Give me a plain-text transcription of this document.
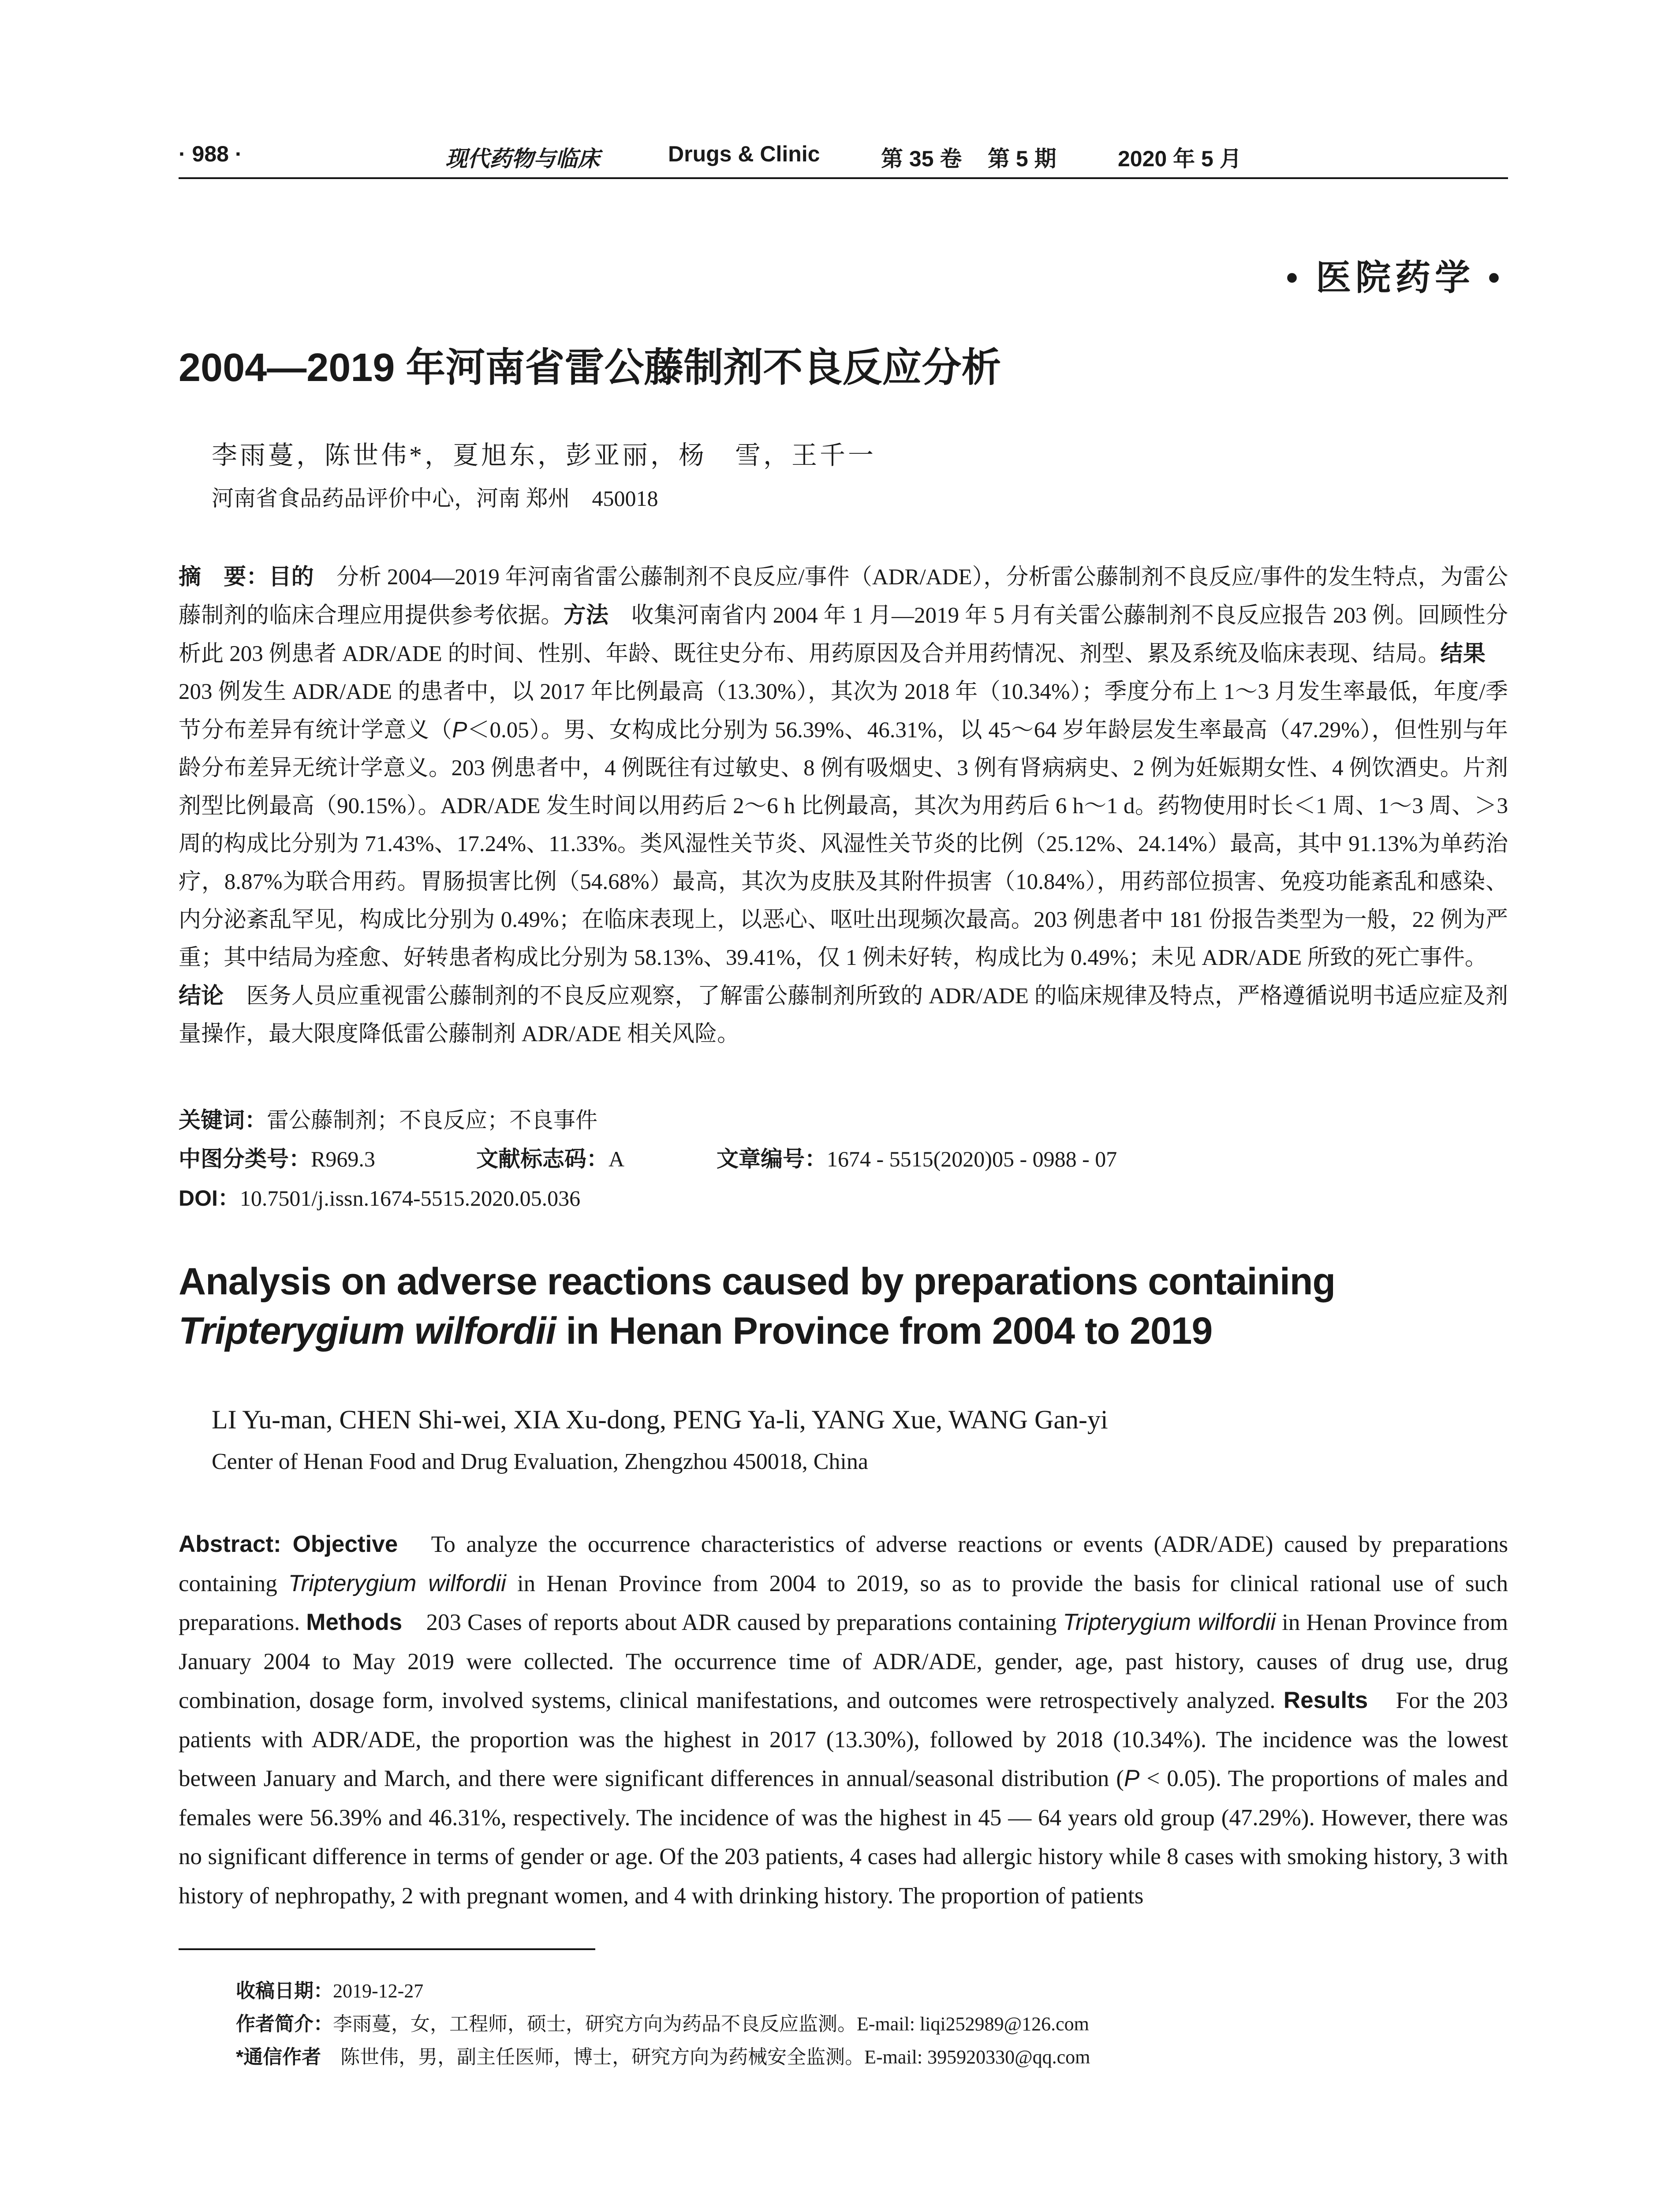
· 988 ·	现代药物与临床	Drugs & Clinic	第 35 卷 第 5 期	2020 年 5 月
• 医院药学 •
2004—2019 年河南省雷公藤制剂不良反应分析
李雨蔓，陈世伟*，夏旭东，彭亚丽，杨　雪，王千一
河南省食品药品评价中心，河南 郑州　450018

摘　要：目的　分析 2004—2019 年河南省雷公藤制剂不良反应/事件（ADR/ADE），分析雷公藤制剂不良反应/事件的发生特点，为雷公藤制剂的临床合理应用提供参考依据。方法　收集河南省内 2004 年 1 月—2019 年 5 月有关雷公藤制剂不良反应报告 203 例。回顾性分析此 203 例患者 ADR/ADE 的时间、性别、年龄、既往史分布、用药原因及合并用药情况、剂型、累及系统及临床表现、结局。结果　203 例发生 ADR/ADE 的患者中，以 2017 年比例最高（13.30%），其次为 2018 年（10.34%）；季度分布上 1～3 月发生率最低，年度/季节分布差异有统计学意义（P＜0.05）。男、女构成比分别为 56.39%、46.31%，以 45～64 岁年龄层发生率最高（47.29%），但性别与年龄分布差异无统计学意义。203 例患者中，4 例既往有过敏史、8 例有吸烟史、3 例有肾病病史、2 例为妊娠期女性、4 例饮酒史。片剂剂型比例最高（90.15%）。ADR/ADE 发生时间以用药后 2～6 h 比例最高，其次为用药后 6 h～1 d。药物使用时长＜1 周、1～3 周、＞3 周的构成比分别为 71.43%、17.24%、11.33%。类风湿性关节炎、风湿性关节炎的比例（25.12%、24.14%）最高，其中 91.13%为单药治疗，8.87%为联合用药。胃肠损害比例（54.68%）最高，其次为皮肤及其附件损害（10.84%），用药部位损害、免疫功能紊乱和感染、内分泌紊乱罕见，构成比分别为 0.49%；在临床表现上，以恶心、呕吐出现频次最高。203 例患者中 181 份报告类型为一般，22 例为严重；其中结局为痊愈、好转患者构成比分别为 58.13%、39.41%，仅 1 例未好转，构成比为 0.49%；未见 ADR/ADE 所致的死亡事件。

结论　医务人员应重视雷公藤制剂的不良反应观察，了解雷公藤制剂所致的 ADR/ADE 的临床规律及特点，严格遵循说明书适应症及剂量操作，最大限度降低雷公藤制剂 ADR/ADE 相关风险。

关键词：雷公藤制剂；不良反应；不良事件
中图分类号：R969.3	文献标志码：A	文章编号：1674 - 5515(2020)05 - 0988 - 07
DOI：10.7501/j.issn.1674-5515.2020.05.036
Analysis on adverse reactions caused by preparations containing Tripterygium wilfordii in Henan Province from 2004 to 2019
LI Yu-man, CHEN Shi-wei, XIA Xu-dong, PENG Ya-li, YANG Xue, WANG Gan-yi
Center of Henan Food and Drug Evaluation, Zhengzhou 450018, China

Abstract: Objective　To analyze the occurrence characteristics of adverse reactions or events (ADR/ADE) caused by preparations containing Tripterygium wilfordii in Henan Province from 2004 to 2019, so as to provide the basis for clinical rational use of such preparations. Methods　203 Cases of reports about ADR caused by preparations containing Tripterygium wilfordii in Henan Province from January 2004 to May 2019 were collected. The occurrence time of ADR/ADE, gender, age, past history, causes of drug use, drug combination, dosage form, involved systems, clinical manifestations, and outcomes were retrospectively analyzed. Results　For the 203 patients with ADR/ADE, the proportion was the highest in 2017 (13.30%), followed by 2018 (10.34%). The incidence was the lowest between January and March, and there were significant differences in annual/seasonal distribution (P < 0.05). The proportions of males and females were 56.39% and 46.31%, respectively. The incidence of was the highest in 45 — 64 years old group (47.29%). However, there was no significant difference in terms of gender or age. Of the 203 patients, 4 cases had allergic history while 8 cases with smoking history, 3 with history of nephropathy, 2 with pregnant women, and 4 with drinking history. The proportion of patients

收稿日期：2019-12-27
作者简介：李雨蔓，女，工程师，硕士，研究方向为药品不良反应监测。E-mail: liqi252989@126.com
*通信作者　陈世伟，男，副主任医师，博士，研究方向为药械安全监测。E-mail: 395920330@qq.com
